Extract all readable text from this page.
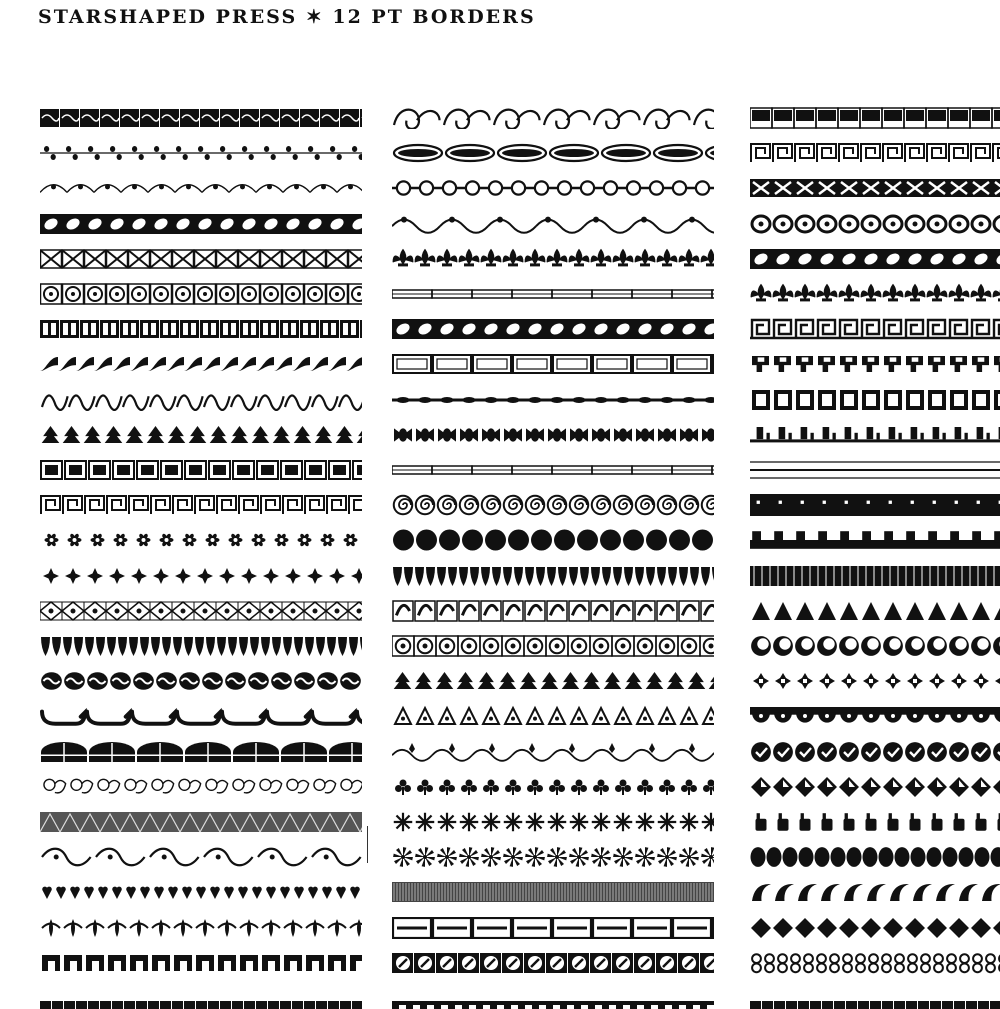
STARSHAPED PRESS ✶ 12 PT BORDERS
